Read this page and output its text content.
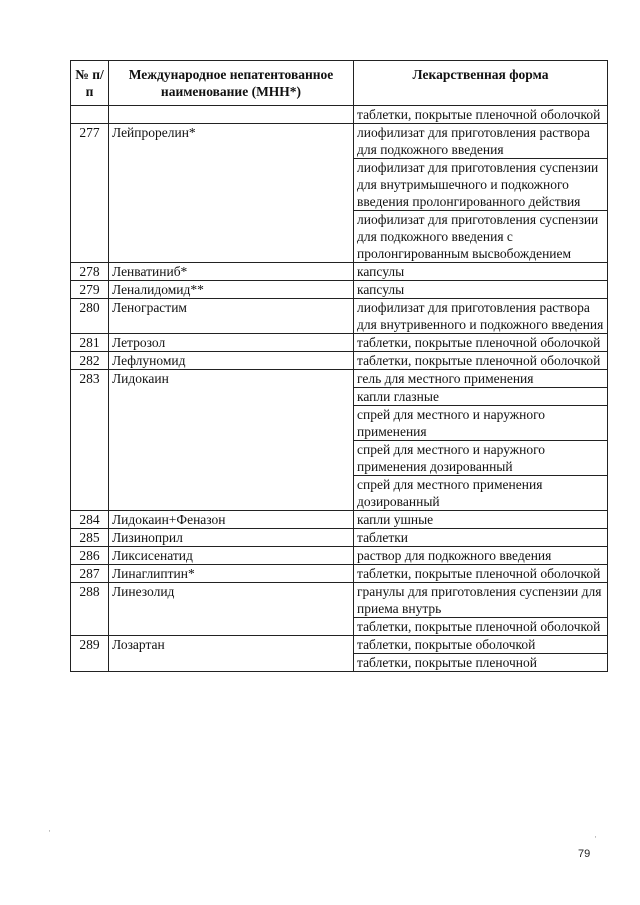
№ п/п	Международное непатентованное наименование (МНН*)	Лекарственная форма

		таблетки, покрытые пленочной оболочкой

277	Лейпрорелин*	лиофилизат для приготовления раствора для подкожного введения
лиофилизат для приготовления суспензии для внутримышечного и подкожного введения пролонгированного действия
лиофилизат для приготовления суспензии для подкожного введения с пролонгированным высвобождением

278	Ленватиниб*	капсулы

279	Леналидомид**	капсулы

280	Ленограстим	лиофилизат для приготовления раствора для внутривенного и подкожного введения

281	Летрозол	таблетки, покрытые пленочной оболочкой

282	Лефлуномид	таблетки, покрытые пленочной оболочкой

283	Лидокаин	гель для местного применения
капли глазные
спрей для местного и наружного применения
спрей для местного и наружного применения дозированный
спрей для местного применения дозированный

284	Лидокаин+Феназон	капли ушные

285	Лизиноприл	таблетки

286	Ликсисенатид	раствор для подкожного введения

287	Линаглиптин*	таблетки, покрытые пленочной оболочкой

288	Линезолид	гранулы для приготовления суспензии для приема внутрь
таблетки, покрытые пленочной оболочкой

289	Лозартан	таблетки, покрытые оболочкой
таблетки, покрытые пленочной
79
·
·
